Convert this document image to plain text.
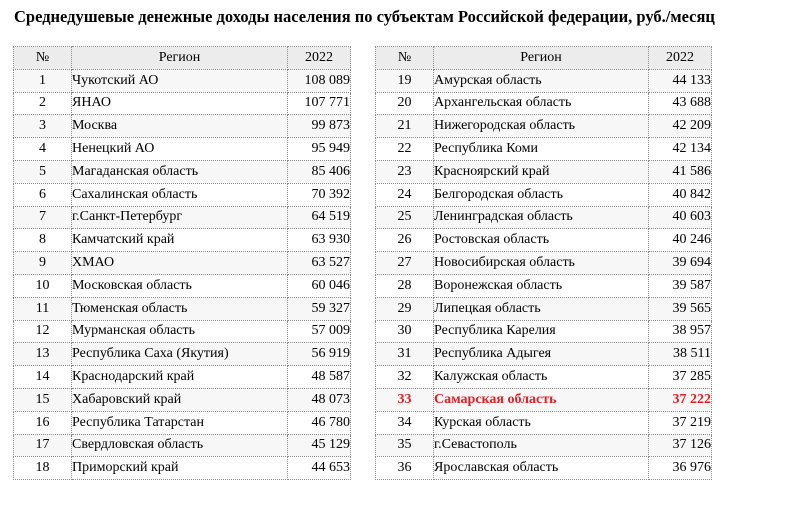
Среднедушевые денежные доходы населения по субъектам Российской федерации, руб./месяц
№	Регион	2022
1	Чукотский АО	108 089
2	ЯНАО	107 771
3	Москва	99 873
4	Ненецкий АО	95 949
5	Магаданская область	85 406
6	Сахалинская область	70 392
7	г.Санкт-Петербург	64 519
8	Камчатский край	63 930
9	ХМАО	63 527
10	Московская область	60 046
11	Тюменская область	59 327
12	Мурманская область	57 009
13	Республика Саха (Якутия)	56 919
14	Краснодарский край	48 587
15	Хабаровский край	48 073
16	Республика Татарстан	46 780
17	Свердловская область	45 129
18	Приморский край	44 653
№	Регион	2022
19	Амурская область	44 133
20	Архангельская область	43 688
21	Нижегородская область	42 209
22	Республика Коми	42 134
23	Красноярский край	41 586
24	Белгородская область	40 842
25	Ленинградская область	40 603
26	Ростовская область	40 246
27	Новосибирская область	39 694
28	Воронежская область	39 587
29	Липецкая область	39 565
30	Республика Карелия	38 957
31	Республика Адыгея	38 511
32	Калужская область	37 285
33	Самарская область	37 222
34	Курская область	37 219
35	г.Севастополь	37 126
36	Ярославская область	36 976
